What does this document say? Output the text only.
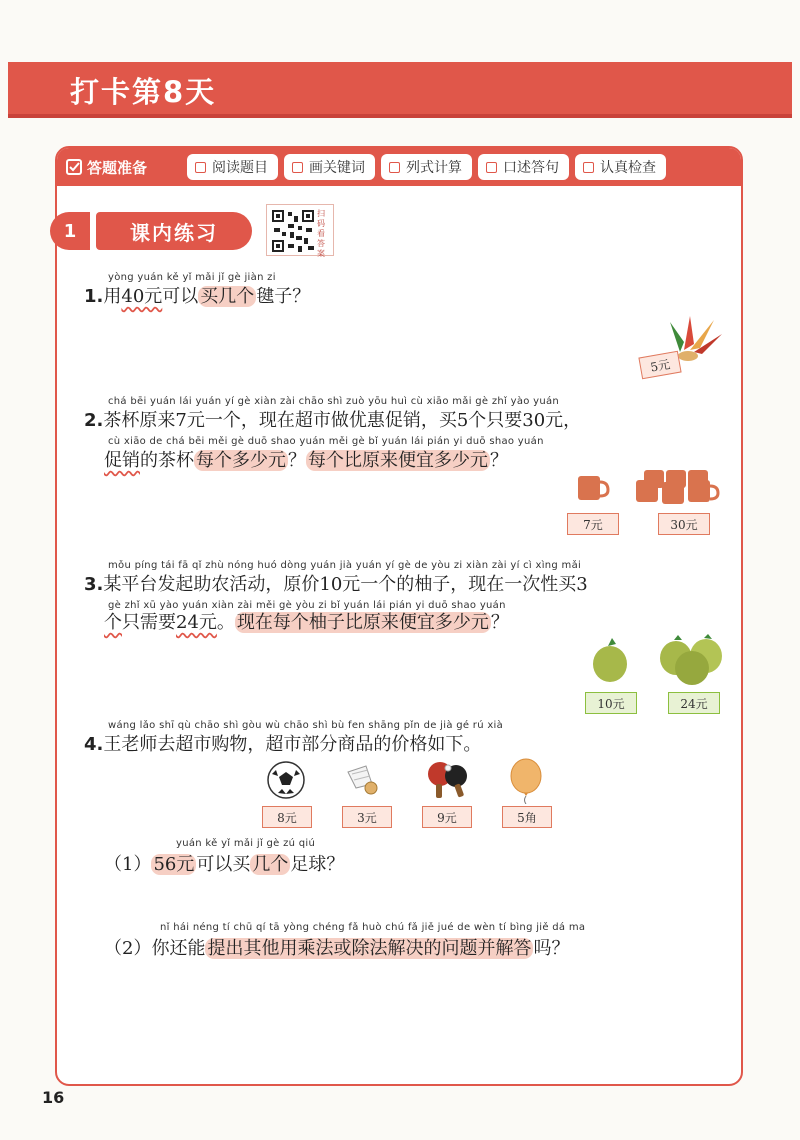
打卡第8天
答题准备	阅读题目	画关键词	列式计算	口述答句	认真检查
1	课内练习
扫码看答案
yòng yuán kě yǐ mǎi jǐ gè jiàn zi
1.用40元可以 买几个 毽子？
5元
chá bēi yuán lái yuán yí gè xiàn zài chāo shì zuò yōu huì cù xiāo mǎi gè zhǐ yào yuán
2.茶杯原来7元一个，现在超市做优惠促销，买5个只要30元，
cù xiāo de chá bēi měi gè duō shao yuán měi gè bǐ yuán lái pián yi duō shao yuán
促销的茶杯 每个多少元 ？ 每个比原来便宜多少元 ？
7元	30元
mǒu píng tái fā qǐ zhù nóng huó dòng yuán jià yuán yí gè de yòu zi xiàn zài yí cì xìng mǎi
3.某平台发起助农活动，原价10元一个的柚子，现在一次性买3
gè zhǐ xū yào yuán xiàn zài měi gè yòu zi bǐ yuán lái pián yi duō shao yuán
个只需要24元。 现在每个柚子比原来便宜多少元 ？
10元	24元
wáng lǎo shī qù chāo shì gòu wù chāo shì bù fen shāng pǐn de jià gé rú xià
4.王老师去超市购物，超市部分商品的价格如下。
8元	3元	9元	5角
yuán kě yǐ mǎi jǐ gè zú qiú
（1） 56元 可以买 几个 足球？
nǐ hái néng tí chū qí tā yòng chéng fǎ huò chú fǎ jiě jué de wèn tí bìng jiě dá ma
（2）你还能 提出其他用乘法或除法解决的问题并解答 吗？
16
